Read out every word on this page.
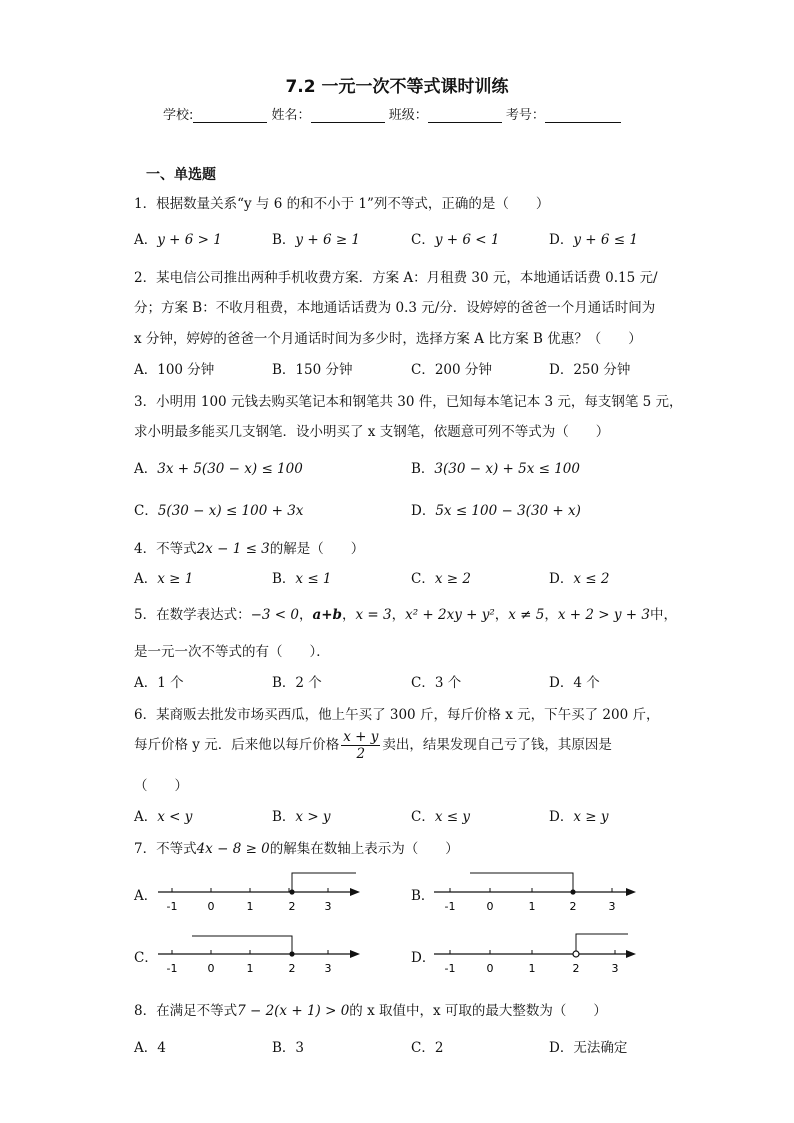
7.2 一元一次不等式课时训练
学校:	姓名：	班级：	考号：
一、单选题
1．根据数量关系“y 与 6 的和不小于 1”列不等式，正确的是（　　）
A．y + 6 > 1	B．y + 6 ≥ 1	C．y + 6 < 1	D．y + 6 ≤ 1
2．某电信公司推出两种手机收费方案．方案 A：月租费 30 元，本地通话话费 0.15 元/
分；方案 B：不收月租费，本地通话话费为 0.3 元/分．设婷婷的爸爸一个月通话时间为
x 分钟，婷婷的爸爸一个月通话时间为多少时，选择方案 A 比方案 B 优惠？（　　）
A．100 分钟	B．150 分钟	C．200 分钟	D．250 分钟
3．小明用 100 元钱去购买笔记本和钢笔共 30 件，已知每本笔记本 3 元，每支钢笔 5 元，
求小明最多能买几支钢笔．设小明买了 x 支钢笔，依题意可列不等式为（　　）
A．3x + 5(30 − x) ≤ 100	B．3(30 − x) + 5x ≤ 100
C．5(30 − x) ≤ 100 + 3x	D．5x ≤ 100 − 3(30 + x)
4．不等式2x − 1 ≤ 3的解是（　　）
A．x ≥ 1	B．x ≤ 1	C．x ≥ 2	D．x ≤ 2
5．在数学表达式：−3 < 0，a+b，x = 3，x² + 2xy + y²，x ≠ 5，x + 2 > y + 3中，
是一元一次不等式的有（　　）．
A．1 个	B．2 个	C．3 个	D．4 个
6．某商贩去批发市场买西瓜，他上午买了 300 斤，每斤价格 x 元，下午买了 200 斤，
每斤价格 y 元．后来他以每斤价格 $\frac{x + y}{2}$ 卖出，结果发现自己亏了钱，其原因是
（　　）
A．x < y	B．x > y	C．x ≤ y	D．x ≥ y
7．不等式4x − 8 ≥ 0的解集在数轴上表示为（　　）
A．
-1	0	1	2	3
B．
-1	0	1	2	3
C．
-1	0	1	2	3
D．
-1	0	1	2	3
8．在满足不等式7 − 2(x + 1) > 0的 x 取值中，x 可取的最大整数为（　　）
A．4	B．3	C．2	D．无法确定
